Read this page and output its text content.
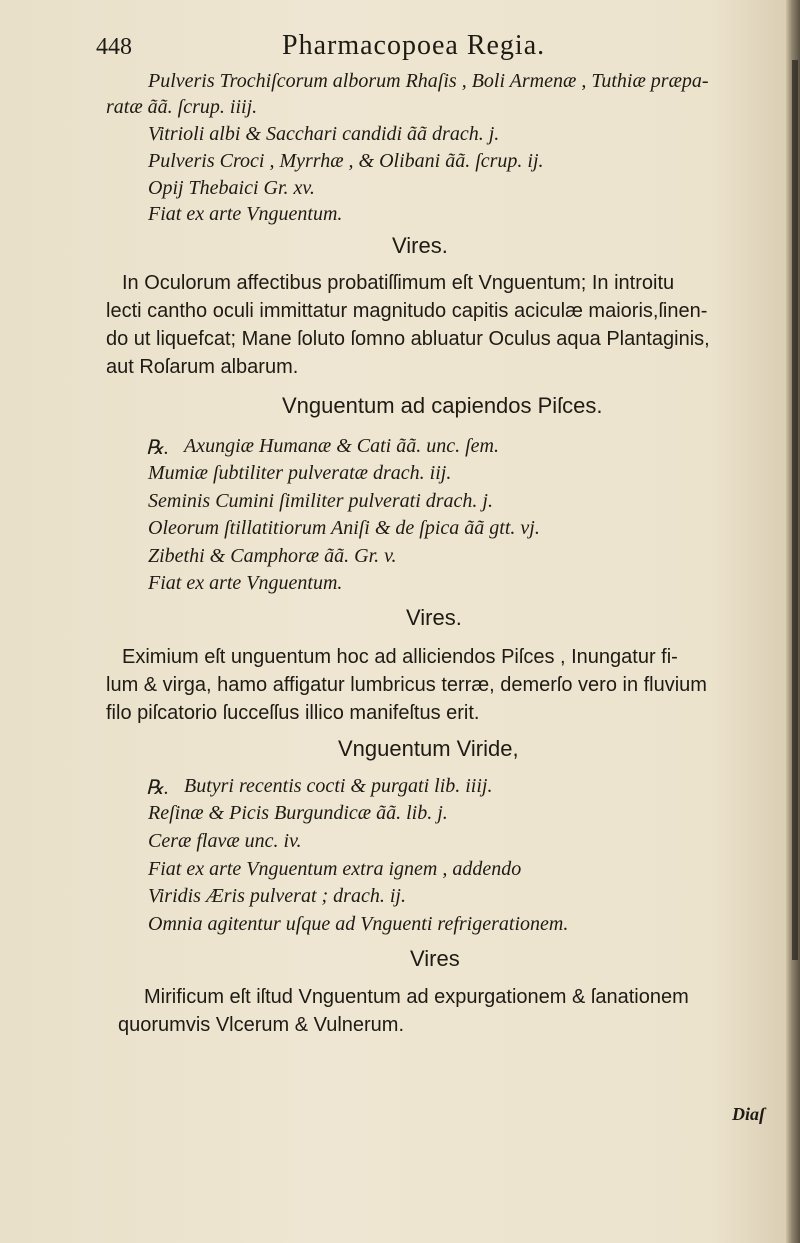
448	Pharmacopoea Regia.
Pulveris Trochiſcorum alborum Rhaſis , Boli Armenæ , Tuthiæ præpa-
ratæ ãã. ſcrup. iiij.
Vitrioli albi & Sacchari candidi ãã drach. j.
Pulveris Croci , Myrrhæ , & Olibani ãã. ſcrup. ij.
Opij Thebaici Gr. xv.
Fiat ex arte Vnguentum.
Vires.
In Oculorum affectibus probatiſſimum eſt Vnguentum; In introitu
lecti cantho oculi immittatur magnitudo capitis aciculæ maioris,ſinen-
do ut liquefcat; Mane ſoluto ſomno abluatur Oculus aqua Plantaginis,
aut Roſarum albarum.
Vnguentum ad capiendos Piſces.
℞. Axungiæ Humanæ & Cati ãã. unc. ſem.
Mumiæ ſubtiliter pulveratæ drach. iij.
Seminis Cumini ſimiliter pulverati drach. j.
Oleorum ſtillatitiorum Aniſi & de ſpica ãã gtt. vj.
Zibethi & Camphoræ ãã. Gr. v.
Fiat ex arte Vnguentum.
Vires.
Eximium eſt unguentum hoc ad alliciendos Piſces , Inungatur fi-
lum & virga, hamo affigatur lumbricus terræ, demerſo vero in fluvium
filo piſcatorio ſucceſſus illico manifeſtus erit.
Vnguentum Viride,
℞. Butyri recentis cocti & purgati lib. iiij.
Reſinæ & Picis Burgundicæ ãã. lib. j.
Ceræ flavæ unc. iv.
Fiat ex arte Vnguentum extra ignem , addendo
Viridis Æris pulverat ; drach. ij.
Omnia agitentur uſque ad Vnguenti refrigerationem.
Vires
Mirificum eſt iſtud Vnguentum ad expurgationem & ſanationem
quorumvis Vlcerum & Vulnerum.
Diaſ
